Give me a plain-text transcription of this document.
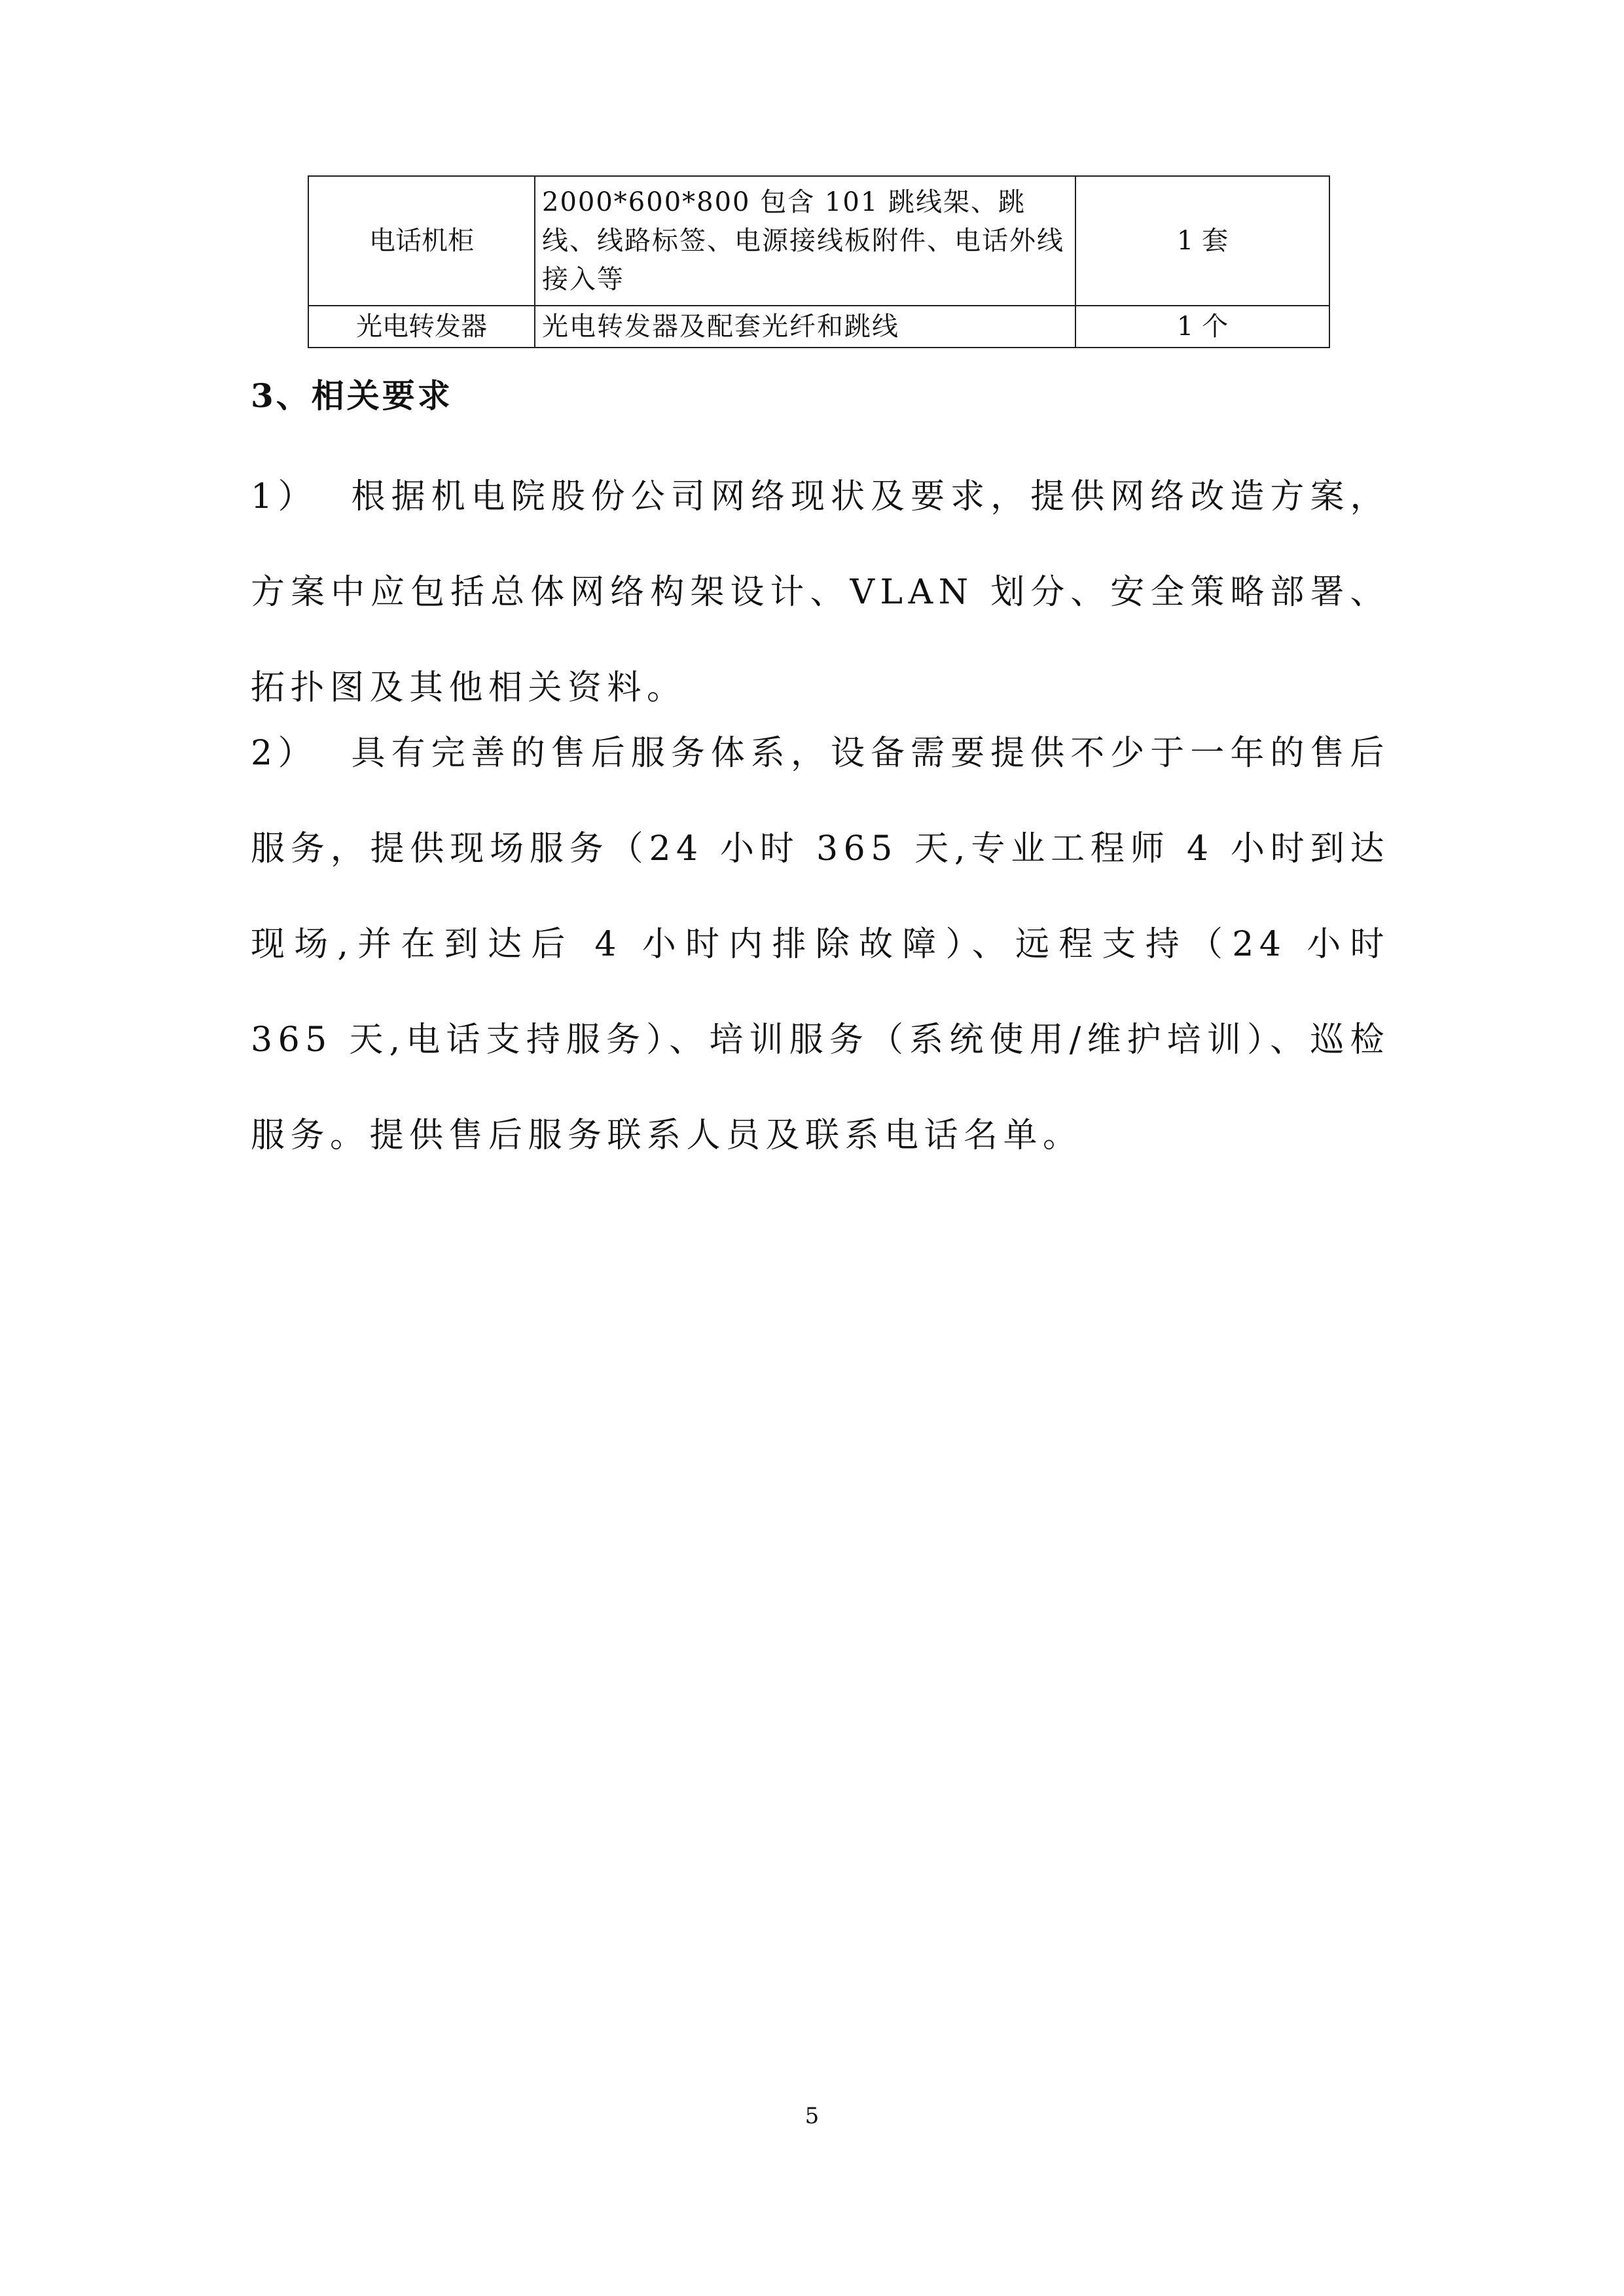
电话机柜	2000*600*800 包含 101 跳线架、跳线、线路标签、电源接线板附件、电话外线接入等	1 套
光电转发器	光电转发器及配套光纤和跳线	1 个
3、相关要求
1） 根据机电院股份公司网络现状及要求，提供网络改造方案，方案中应包括总体网络构架设计、VLAN 划分、安全策略部署、拓扑图及其他相关资料。
2） 具有完善的售后服务体系，设备需要提供不少于一年的售后服务，提供现场服务（24 小时 365 天,专业工程师 4 小时到达现场,并在到达后 4 小时内排除故障）、远程支持（24 小时 365 天,电话支持服务）、培训服务（系统使用/维护培训）、巡检服务。提供售后服务联系人员及联系电话名单。
5
